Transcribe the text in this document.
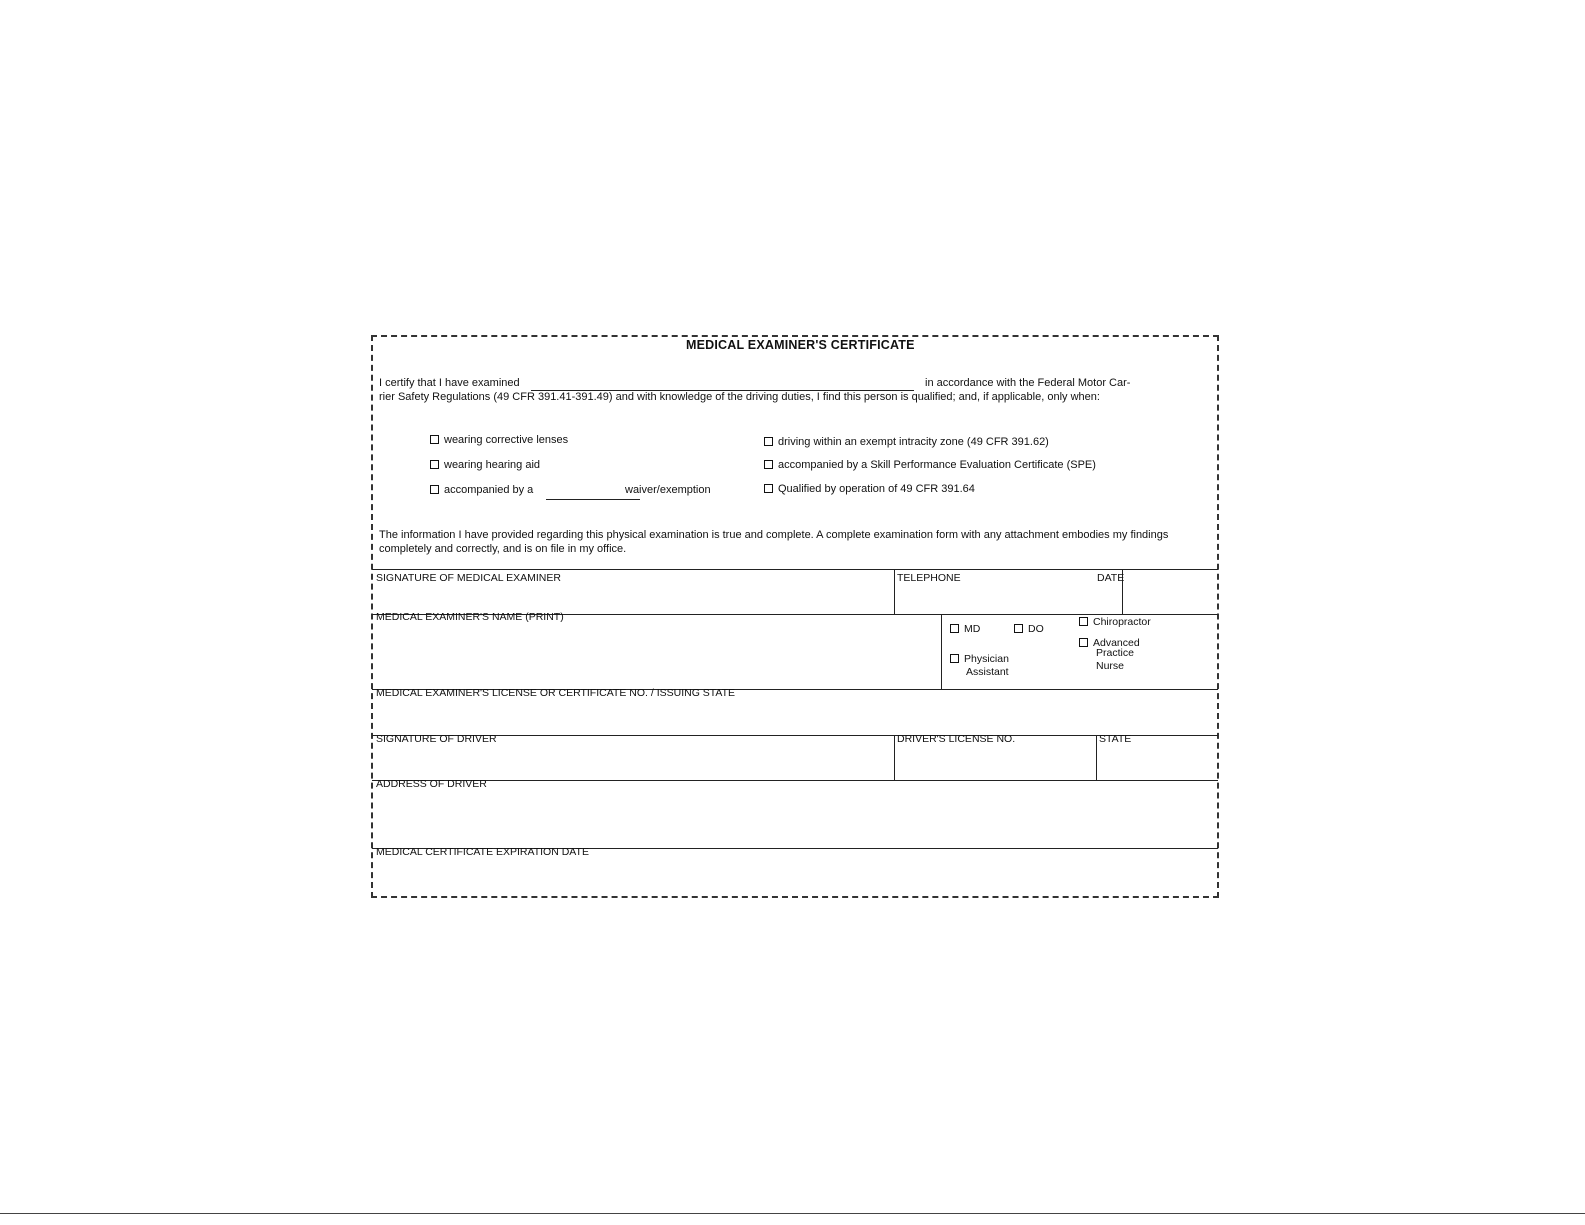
MEDICAL EXAMINER'S CERTIFICATE
I certify that I have examined	in accordance with the Federal Motor Car-
rier Safety Regulations (49 CFR 391.41-391.49) and with knowledge of the driving duties, I find this person is qualified; and, if applicable, only when:
wearing corrective lenses
wearing hearing aid
accompanied by a	waiver/exemption
driving within an exempt intracity zone (49 CFR 391.62)
accompanied by a Skill Performance Evaluation Certificate (SPE)
Qualified by operation of 49 CFR 391.64
The information I have provided regarding this physical examination is true and complete. A complete examination form with any attachment embodies my findings
completely and correctly, and is on file in my office.
SIGNATURE OF MEDICAL EXAMINER	TELEPHONE	DATE
MEDICAL EXAMINER'S NAME (PRINT)
MD	DO
Chiropractor
Advanced
Practice
Nurse
Physician
Assistant
MEDICAL EXAMINER'S LICENSE OR CERTIFICATE NO. / ISSUING STATE
SIGNATURE OF DRIVER	DRIVER'S LICENSE NO.	STATE
ADDRESS OF DRIVER
MEDICAL CERTIFICATE EXPIRATION DATE
